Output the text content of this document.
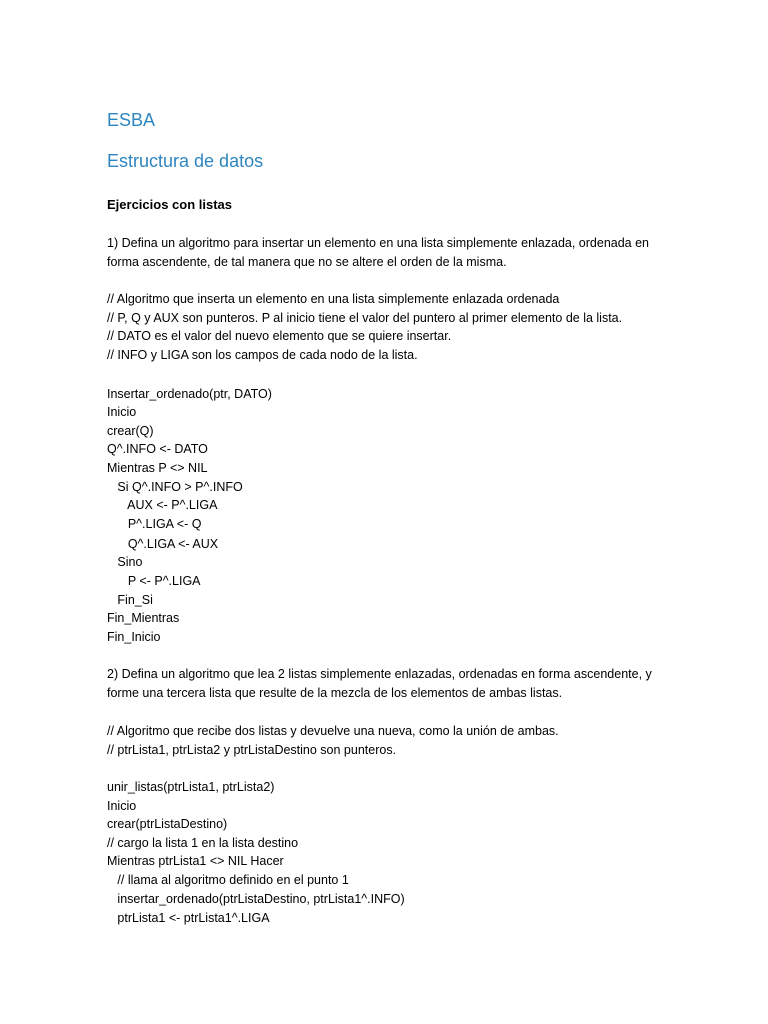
ESBA
Estructura de datos
Ejercicios con listas
1) Defina un algoritmo para insertar un elemento en una lista simplemente enlazada, ordenada en
forma ascendente, de tal manera que no se altere el orden de la misma.
// Algoritmo que inserta un elemento en una lista simplemente enlazada ordenada
// P, Q y AUX son punteros. P al inicio tiene el valor del puntero al primer elemento de la lista.
// DATO es el valor del nuevo elemento que se quiere insertar.
// INFO y LIGA son los campos de cada nodo de la lista.
Insertar_ordenado(ptr, DATO)
Inicio
crear(Q)
Q^.INFO <- DATO
Mientras P <> NIL
Si Q^.INFO > P^.INFO
AUX <- P^.LIGA
P^.LIGA <- Q
Q^.LIGA <- AUX
Sino
P <- P^.LIGA
Fin_Si
Fin_Mientras
Fin_Inicio
2) Defina un algoritmo que lea 2 listas simplemente enlazadas, ordenadas en forma ascendente, y
forme una tercera lista que resulte de la mezcla de los elementos de ambas listas.
// Algoritmo que recibe dos listas y devuelve una nueva, como la unión de ambas.
// ptrLista1, ptrLista2 y ptrListaDestino son punteros.
unir_listas(ptrLista1, ptrLista2)
Inicio
crear(ptrListaDestino)
// cargo la lista 1 en la lista destino
Mientras ptrLista1 <> NIL Hacer
// llama al algoritmo definido en el punto 1
insertar_ordenado(ptrListaDestino, ptrLista1^.INFO)
ptrLista1 <- ptrLista1^.LIGA
